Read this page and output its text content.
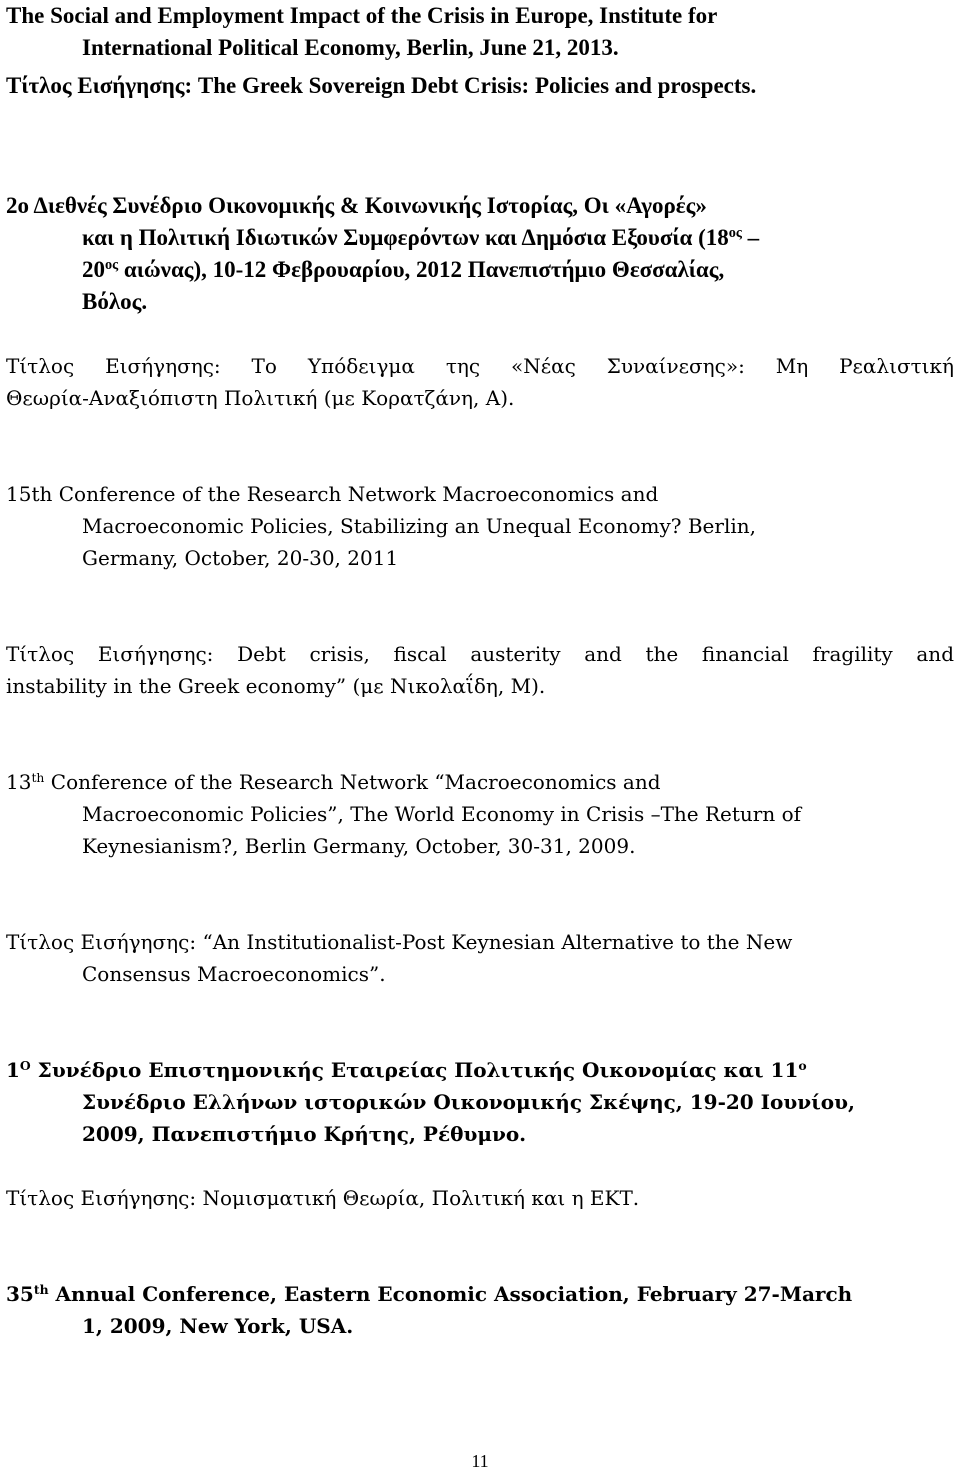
The Social and Employment Impact of the Crisis in Europe, Institute for

International Political Economy, Berlin, June 21, 2013.

Τίτλος Εισήγησης: The Greek Sovereign Debt Crisis: Policies and prospects.

2ο Διεθνές Συνέδριο Οικονομικής & Κοινωνικής Ιστορίας, Οι «Αγορές»

και η Πολιτική Ιδιωτικών Συμφερόντων και Δημόσια Εξουσία ($18^{o\varsigma}$ –

$20^{o\varsigma}$ αιώνας), 10-12 Φεβρουαρίου, 2012 Πανεπιστήμιο Θεσσαλίας,

Βόλος.

Τίτλος Εισήγησης: Το Υπόδειγμα της «Νέας Συναίνεσης»: Μη Ρεαλιστική

Θεωρία-Αναξιόπιστη Πολιτική (με Κορατζάνη, Α).

15th Conference of the Research Network Macroeconomics and

Macroeconomic Policies, Stabilizing an Unequal Economy? Berlin,

Germany, October, 20-30, 2011

Τίτλος Εισήγησης: Debt crisis, fiscal austerity and the financial fragility and

instability in the Greek economy” (με Νικολαΐδη, Μ).

13th Conference of the Research Network “Macroeconomics and

Macroeconomic Policies”, The World Economy in Crisis –The Return of

Keynesianism?, Berlin Germany, October, 30-31, 2009.

Τίτλος Εισήγησης: “An Institutionalist-Post Keynesian Alternative to the New

Consensus Macroeconomics”.

$1^O$ Συνέδριο Επιστημονικής Εταιρείας Πολιτικής Οικονομίας και $11^o$

Συνέδριο Ελλήνων ιστορικών Οικονομικής Σκέψης, 19-20 Ιουνίου,

2009, Πανεπιστήμιο Κρήτης, Ρέθυμνο.

Τίτλος Εισήγησης: Νομισματική Θεωρία, Πολιτική και η ΕΚΤ.

35th Annual Conference, Eastern Economic Association, February 27-March

1, 2009, New York, USA.

11
